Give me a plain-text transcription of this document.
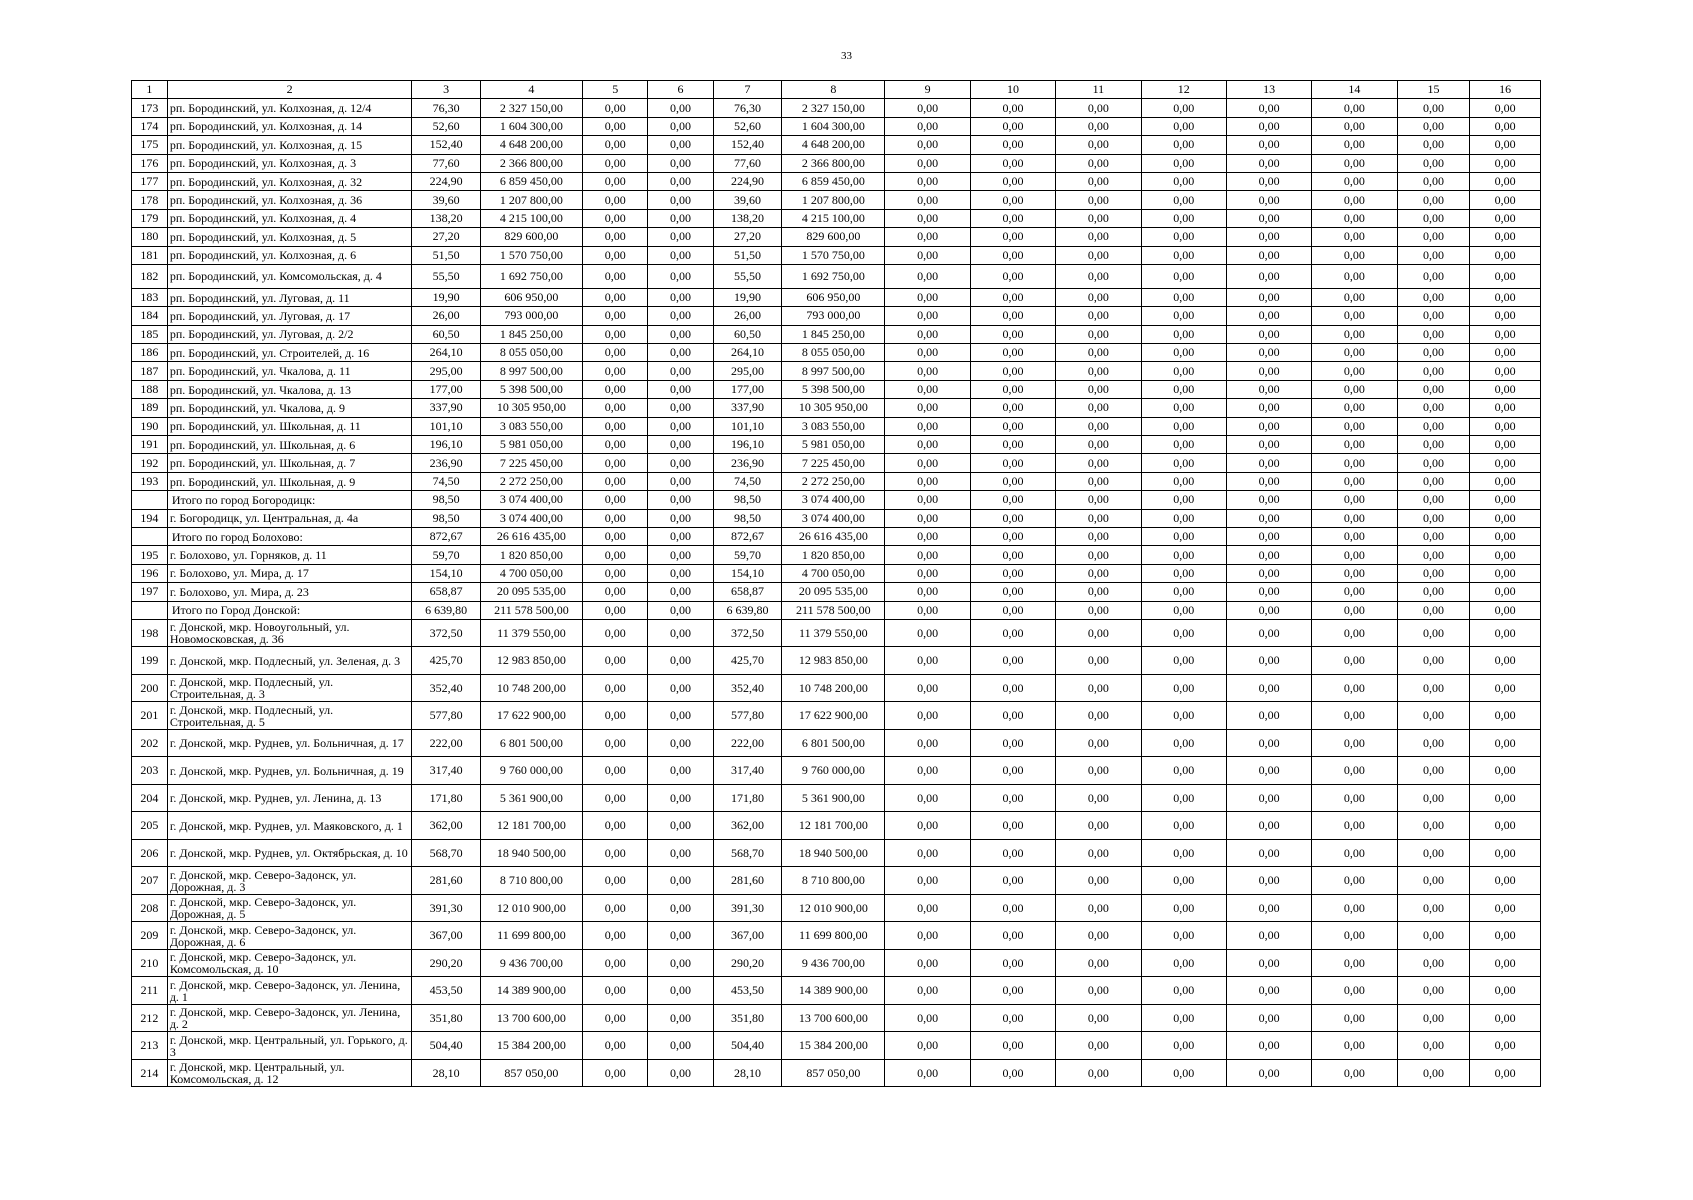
33
1	2	3	4	5	6	7	8	9	10	11	12	13	14	15	16
173	рп. Бородинский, ул. Колхозная, д. 12/4	76,30	2 327 150,00	0,00	0,00	76,30	2 327 150,00	0,00	0,00	0,00	0,00	0,00	0,00	0,00	0,00
174	рп. Бородинский, ул. Колхозная, д. 14	52,60	1 604 300,00	0,00	0,00	52,60	1 604 300,00	0,00	0,00	0,00	0,00	0,00	0,00	0,00	0,00
175	рп. Бородинский, ул. Колхозная, д. 15	152,40	4 648 200,00	0,00	0,00	152,40	4 648 200,00	0,00	0,00	0,00	0,00	0,00	0,00	0,00	0,00
176	рп. Бородинский, ул. Колхозная, д. 3	77,60	2 366 800,00	0,00	0,00	77,60	2 366 800,00	0,00	0,00	0,00	0,00	0,00	0,00	0,00	0,00
177	рп. Бородинский, ул. Колхозная, д. 32	224,90	6 859 450,00	0,00	0,00	224,90	6 859 450,00	0,00	0,00	0,00	0,00	0,00	0,00	0,00	0,00
178	рп. Бородинский, ул. Колхозная, д. 36	39,60	1 207 800,00	0,00	0,00	39,60	1 207 800,00	0,00	0,00	0,00	0,00	0,00	0,00	0,00	0,00
179	рп. Бородинский, ул. Колхозная, д. 4	138,20	4 215 100,00	0,00	0,00	138,20	4 215 100,00	0,00	0,00	0,00	0,00	0,00	0,00	0,00	0,00
180	рп. Бородинский, ул. Колхозная, д. 5	27,20	829 600,00	0,00	0,00	27,20	829 600,00	0,00	0,00	0,00	0,00	0,00	0,00	0,00	0,00
181	рп. Бородинский, ул. Колхозная, д. 6	51,50	1 570 750,00	0,00	0,00	51,50	1 570 750,00	0,00	0,00	0,00	0,00	0,00	0,00	0,00	0,00
182	рп. Бородинский, ул. Комсомольская, д. 4	55,50	1 692 750,00	0,00	0,00	55,50	1 692 750,00	0,00	0,00	0,00	0,00	0,00	0,00	0,00	0,00
183	рп. Бородинский, ул. Луговая, д. 11	19,90	606 950,00	0,00	0,00	19,90	606 950,00	0,00	0,00	0,00	0,00	0,00	0,00	0,00	0,00
184	рп. Бородинский, ул. Луговая, д. 17	26,00	793 000,00	0,00	0,00	26,00	793 000,00	0,00	0,00	0,00	0,00	0,00	0,00	0,00	0,00
185	рп. Бородинский, ул. Луговая, д. 2/2	60,50	1 845 250,00	0,00	0,00	60,50	1 845 250,00	0,00	0,00	0,00	0,00	0,00	0,00	0,00	0,00
186	рп. Бородинский, ул. Строителей, д. 16	264,10	8 055 050,00	0,00	0,00	264,10	8 055 050,00	0,00	0,00	0,00	0,00	0,00	0,00	0,00	0,00
187	рп. Бородинский, ул. Чкалова, д. 11	295,00	8 997 500,00	0,00	0,00	295,00	8 997 500,00	0,00	0,00	0,00	0,00	0,00	0,00	0,00	0,00
188	рп. Бородинский, ул. Чкалова, д. 13	177,00	5 398 500,00	0,00	0,00	177,00	5 398 500,00	0,00	0,00	0,00	0,00	0,00	0,00	0,00	0,00
189	рп. Бородинский, ул. Чкалова, д. 9	337,90	10 305 950,00	0,00	0,00	337,90	10 305 950,00	0,00	0,00	0,00	0,00	0,00	0,00	0,00	0,00
190	рп. Бородинский, ул. Школьная, д. 11	101,10	3 083 550,00	0,00	0,00	101,10	3 083 550,00	0,00	0,00	0,00	0,00	0,00	0,00	0,00	0,00
191	рп. Бородинский, ул. Школьная, д. 6	196,10	5 981 050,00	0,00	0,00	196,10	5 981 050,00	0,00	0,00	0,00	0,00	0,00	0,00	0,00	0,00
192	рп. Бородинский, ул. Школьная, д. 7	236,90	7 225 450,00	0,00	0,00	236,90	7 225 450,00	0,00	0,00	0,00	0,00	0,00	0,00	0,00	0,00
193	рп. Бородинский, ул. Школьная, д. 9	74,50	2 272 250,00	0,00	0,00	74,50	2 272 250,00	0,00	0,00	0,00	0,00	0,00	0,00	0,00	0,00
	Итого по город Богородицк:	98,50	3 074 400,00	0,00	0,00	98,50	3 074 400,00	0,00	0,00	0,00	0,00	0,00	0,00	0,00	0,00
194	г. Богородицк, ул. Центральная, д. 4а	98,50	3 074 400,00	0,00	0,00	98,50	3 074 400,00	0,00	0,00	0,00	0,00	0,00	0,00	0,00	0,00
	Итого по город Болохово:	872,67	26 616 435,00	0,00	0,00	872,67	26 616 435,00	0,00	0,00	0,00	0,00	0,00	0,00	0,00	0,00
195	г. Болохово, ул. Горняков, д. 11	59,70	1 820 850,00	0,00	0,00	59,70	1 820 850,00	0,00	0,00	0,00	0,00	0,00	0,00	0,00	0,00
196	г. Болохово, ул. Мира, д. 17	154,10	4 700 050,00	0,00	0,00	154,10	4 700 050,00	0,00	0,00	0,00	0,00	0,00	0,00	0,00	0,00
197	г. Болохово, ул. Мира, д. 23	658,87	20 095 535,00	0,00	0,00	658,87	20 095 535,00	0,00	0,00	0,00	0,00	0,00	0,00	0,00	0,00
	Итого по Город Донской:	6 639,80	211 578 500,00	0,00	0,00	6 639,80	211 578 500,00	0,00	0,00	0,00	0,00	0,00	0,00	0,00	0,00
198	г. Донской, мкр. Новоугольный, ул. Новомосковская, д. 36	372,50	11 379 550,00	0,00	0,00	372,50	11 379 550,00	0,00	0,00	0,00	0,00	0,00	0,00	0,00	0,00
199	г. Донской, мкр. Подлесный, ул. Зеленая, д. 3	425,70	12 983 850,00	0,00	0,00	425,70	12 983 850,00	0,00	0,00	0,00	0,00	0,00	0,00	0,00	0,00
200	г. Донской, мкр. Подлесный, ул. Строительная, д. 3	352,40	10 748 200,00	0,00	0,00	352,40	10 748 200,00	0,00	0,00	0,00	0,00	0,00	0,00	0,00	0,00
201	г. Донской, мкр. Подлесный, ул. Строительная, д. 5	577,80	17 622 900,00	0,00	0,00	577,80	17 622 900,00	0,00	0,00	0,00	0,00	0,00	0,00	0,00	0,00
202	г. Донской, мкр. Руднев, ул. Больничная, д. 17	222,00	6 801 500,00	0,00	0,00	222,00	6 801 500,00	0,00	0,00	0,00	0,00	0,00	0,00	0,00	0,00
203	г. Донской, мкр. Руднев, ул. Больничная, д. 19	317,40	9 760 000,00	0,00	0,00	317,40	9 760 000,00	0,00	0,00	0,00	0,00	0,00	0,00	0,00	0,00
204	г. Донской, мкр. Руднев, ул. Ленина, д. 13	171,80	5 361 900,00	0,00	0,00	171,80	5 361 900,00	0,00	0,00	0,00	0,00	0,00	0,00	0,00	0,00
205	г. Донской, мкр. Руднев, ул. Маяковского, д. 1	362,00	12 181 700,00	0,00	0,00	362,00	12 181 700,00	0,00	0,00	0,00	0,00	0,00	0,00	0,00	0,00
206	г. Донской, мкр. Руднев, ул. Октябрьская, д. 10	568,70	18 940 500,00	0,00	0,00	568,70	18 940 500,00	0,00	0,00	0,00	0,00	0,00	0,00	0,00	0,00
207	г. Донской, мкр. Северо-Задонск, ул. Дорожная, д. 3	281,60	8 710 800,00	0,00	0,00	281,60	8 710 800,00	0,00	0,00	0,00	0,00	0,00	0,00	0,00	0,00
208	г. Донской, мкр. Северо-Задонск, ул. Дорожная, д. 5	391,30	12 010 900,00	0,00	0,00	391,30	12 010 900,00	0,00	0,00	0,00	0,00	0,00	0,00	0,00	0,00
209	г. Донской, мкр. Северо-Задонск, ул. Дорожная, д. 6	367,00	11 699 800,00	0,00	0,00	367,00	11 699 800,00	0,00	0,00	0,00	0,00	0,00	0,00	0,00	0,00
210	г. Донской, мкр. Северо-Задонск, ул. Комсомольская, д. 10	290,20	9 436 700,00	0,00	0,00	290,20	9 436 700,00	0,00	0,00	0,00	0,00	0,00	0,00	0,00	0,00
211	г. Донской, мкр. Северо-Задонск, ул. Ленина, д. 1	453,50	14 389 900,00	0,00	0,00	453,50	14 389 900,00	0,00	0,00	0,00	0,00	0,00	0,00	0,00	0,00
212	г. Донской, мкр. Северо-Задонск, ул. Ленина, д. 2	351,80	13 700 600,00	0,00	0,00	351,80	13 700 600,00	0,00	0,00	0,00	0,00	0,00	0,00	0,00	0,00
213	г. Донской, мкр. Центральный, ул. Горького, д. 3	504,40	15 384 200,00	0,00	0,00	504,40	15 384 200,00	0,00	0,00	0,00	0,00	0,00	0,00	0,00	0,00
214	г. Донской, мкр. Центральный, ул. Комсомольская, д. 12	28,10	857 050,00	0,00	0,00	28,10	857 050,00	0,00	0,00	0,00	0,00	0,00	0,00	0,00	0,00
